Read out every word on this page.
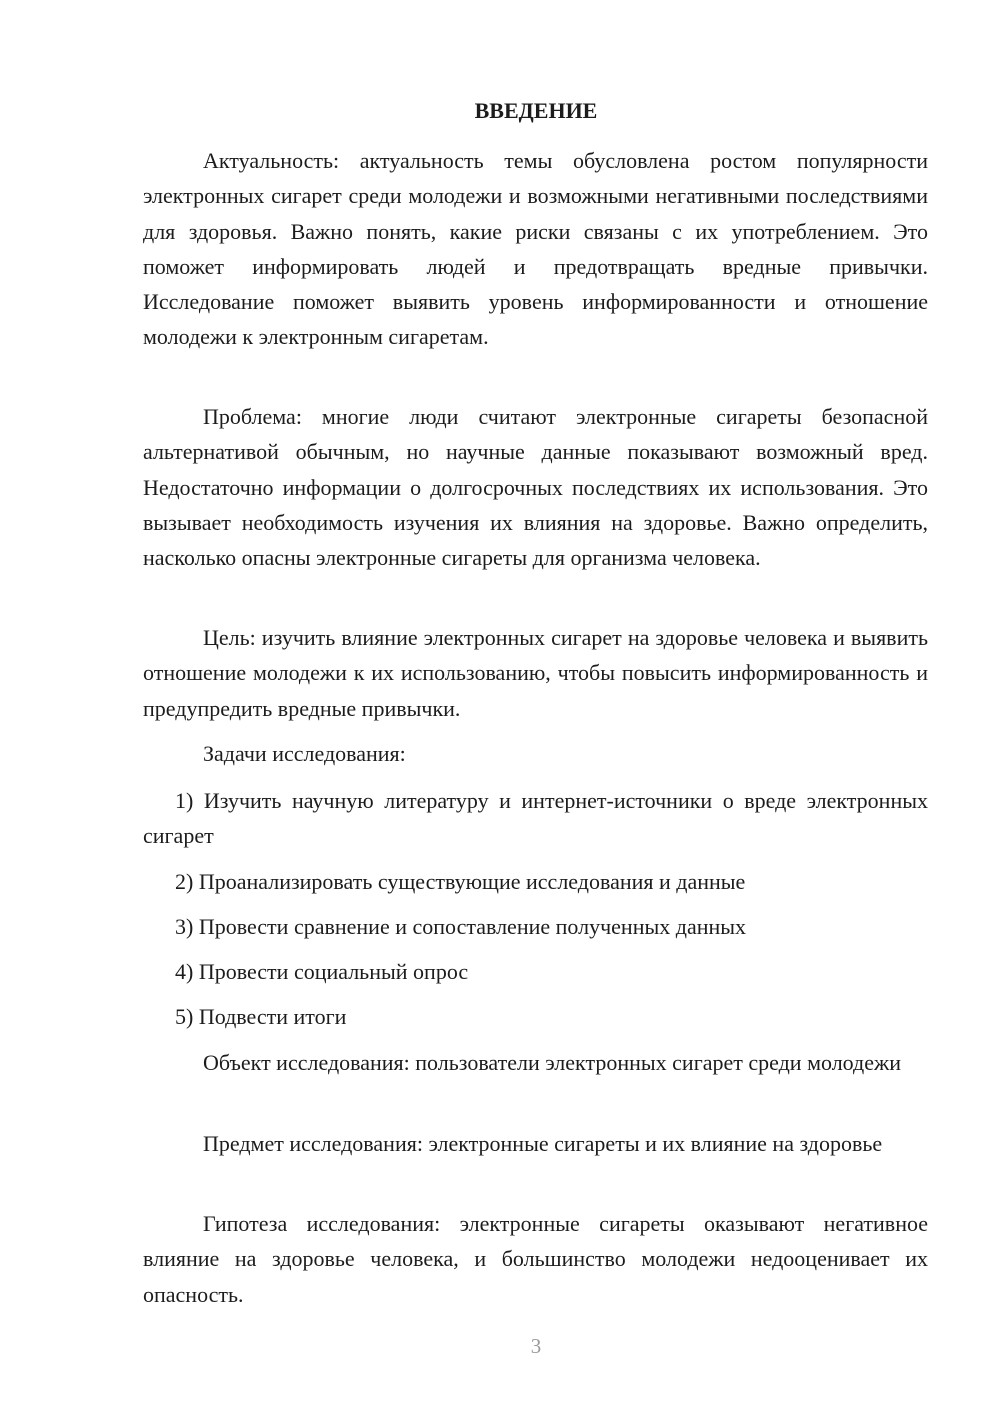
ВВЕДЕНИЕ

Актуальность: актуальность темы обусловлена ростом популярности электронных сигарет среди молодежи и возможными негативными последствиями для здоровья. Важно понять, какие риски связаны с их употреблением. Это поможет информировать людей и предотвращать вредные привычки. Исследование поможет выявить уровень информированности и отношение молодежи к электронным сигаретам.

Проблема: многие люди считают электронные сигареты безопасной альтернативой обычным, но научные данные показывают возможный вред. Недостаточно информации о долгосрочных последствиях их использования. Это вызывает необходимость изучения их влияния на здоровье. Важно определить, насколько опасны электронные сигареты для организма человека.

Цель: изучить влияние электронных сигарет на здоровье человека и выявить отношение молодежи к их использованию, чтобы повысить информированность и предупредить вредные привычки.

Задачи исследования:

1) Изучить научную литературу и интернет-источники о вреде электронных сигарет

2) Проанализировать существующие исследования и данные

3) Провести сравнение и сопоставление полученных данных

4) Провести социальный опрос

5) Подвести итоги

Объект исследования: пользователи электронных сигарет среди молодежи

Предмет исследования: электронные сигареты и их влияние на здоровье

Гипотеза исследования: электронные сигареты оказывают негативное влияние на здоровье человека, и большинство молодежи недооценивает их опасность.

3
